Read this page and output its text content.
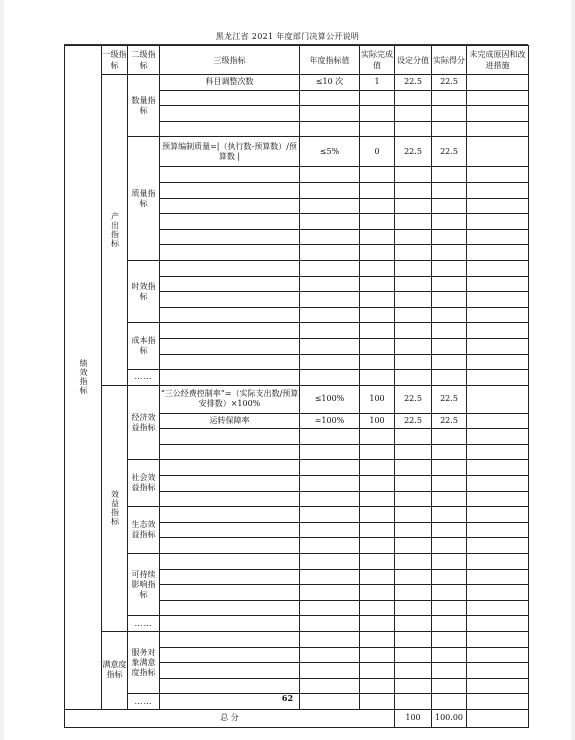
黑龙江省 2021 年度部门决算公开说明
绩效指标	一级指标	二级指标	三级指标	年度指标值	实际完成值	设定分值	实际得分	未完成原因和改进措施
	产出指标	数量指标	科目调整次数	≤10 次	1	22.5	22.5	

		质量指标	预算编制质量=|（执行数-预算数）/预算数 |	≤5%	0	22.5	22.5	

		时效指标						

		成本指标						

		……						
	效益指标	经济效益指标	“三公经费控制率”=（实际支出数/预算安排数）×100%	≤100%	100	22.5	22.5	
			运转保障率	=100%	100	22.5	22.5	

		社会效益指标						

		生态效益指标						

		可持续影响指标						

		……						
	满意度指标	服务对象满意度指标						

		……						
总 分						100	100.00	
62
